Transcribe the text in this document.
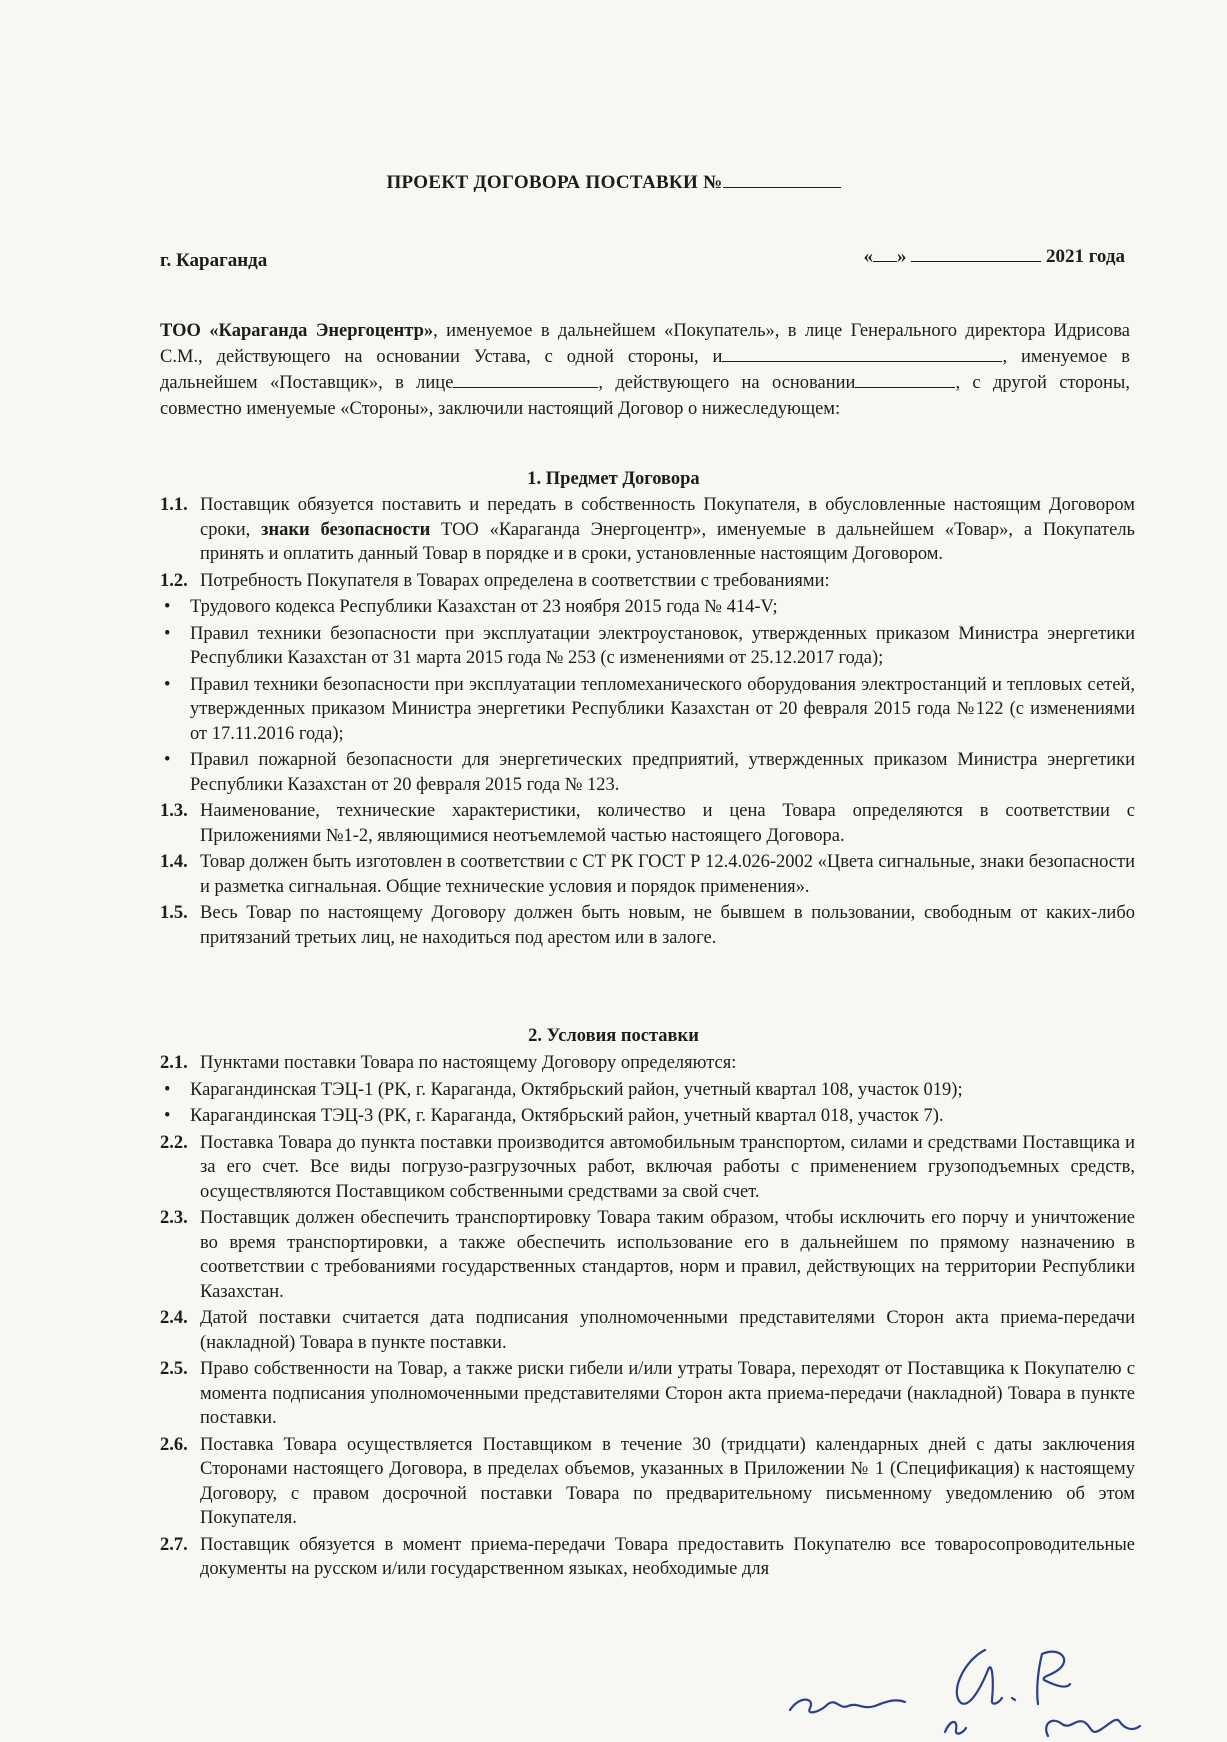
ПРОЕКТ ДОГОВОРА ПОСТАВКИ №
г. Караганда	« »	2021 года

ТОО «Караганда Энергоцентр», именуемое в дальнейшем «Покупатель», в лице Генерального директора Идрисова С.М., действующего на основании Устава, с одной стороны, и	, именуемое в дальнейшем «Поставщик», в лице	, действующего на основании	, с другой стороны, совместно именуемые «Стороны», заключили настоящий Договор о нижеследующем:

1. Предмет Договора
1.1. Поставщик обязуется поставить и передать в собственность Покупателя, в обусловленные настоящим Договором сроки, знаки безопасности ТОО «Караганда Энергоцентр», именуемые в дальнейшем «Товар», а Покупатель принять и оплатить данный Товар в порядке и в сроки, установленные настоящим Договором.
1.2. Потребность Покупателя в Товарах определена в соответствии с требованиями:
• Трудового кодекса Республики Казахстан от 23 ноября 2015 года № 414-V;
• Правил техники безопасности при эксплуатации электроустановок, утвержденных приказом Министра энергетики Республики Казахстан от 31 марта 2015 года № 253 (с изменениями от 25.12.2017 года);
• Правил техники безопасности при эксплуатации тепломеханического оборудования электростанций и тепловых сетей, утвержденных приказом Министра энергетики Республики Казахстан от 20 февраля 2015 года №122 (с изменениями от 17.11.2016 года);
• Правил пожарной безопасности для энергетических предприятий, утвержденных приказом Министра энергетики Республики Казахстан от 20 февраля 2015 года № 123.
1.3. Наименование, технические характеристики, количество и цена Товара определяются в соответствии с Приложениями №1-2, являющимися неотъемлемой частью настоящего Договора.
1.4. Товар должен быть изготовлен в соответствии с СТ РК ГОСТ Р 12.4.026-2002 «Цвета сигнальные, знаки безопасности и разметка сигнальная. Общие технические условия и порядок применения».
1.5. Весь Товар по настоящему Договору должен быть новым, не бывшем в пользовании, свободным от каких-либо притязаний третьих лиц, не находиться под арестом или в залоге.
2. Условия поставки
2.1. Пунктами поставки Товара по настоящему Договору определяются:
• Карагандинская ТЭЦ-1 (РК, г. Караганда, Октябрьский район, учетный квартал 108, участок 019);
• Карагандинская ТЭЦ-3 (РК, г. Караганда, Октябрьский район, учетный квартал 018, участок 7).
2.2. Поставка Товара до пункта поставки производится автомобильным транспортом, силами и средствами Поставщика и за его счет. Все виды погрузо-разгрузочных работ, включая работы с применением грузоподъемных средств, осуществляются Поставщиком собственными средствами за свой счет.
2.3. Поставщик должен обеспечить транспортировку Товара таким образом, чтобы исключить его порчу и уничтожение во время транспортировки, а также обеспечить использование его в дальнейшем по прямому назначению в соответствии с требованиями государственных стандартов, норм и правил, действующих на территории Республики Казахстан.
2.4. Датой поставки считается дата подписания уполномоченными представителями Сторон акта приема-передачи (накладной) Товара в пункте поставки.
2.5. Право собственности на Товар, а также риски гибели и/или утраты Товара, переходят от Поставщика к Покупателю с момента подписания уполномоченными представителями Сторон акта приема-передачи (накладной) Товара в пункте поставки.
2.6. Поставка Товара осуществляется Поставщиком в течение 30 (тридцати) календарных дней с даты заключения Сторонами настоящего Договора, в пределах объемов, указанных в Приложении № 1 (Спецификация) к настоящему Договору, с правом досрочной поставки Товара по предварительному письменному уведомлению об этом Покупателя.
2.7. Поставщик обязуется в момент приема-передачи Товара предоставить Покупателю все товаросопроводительные документы на русском и/или государственном языках, необходимые для
